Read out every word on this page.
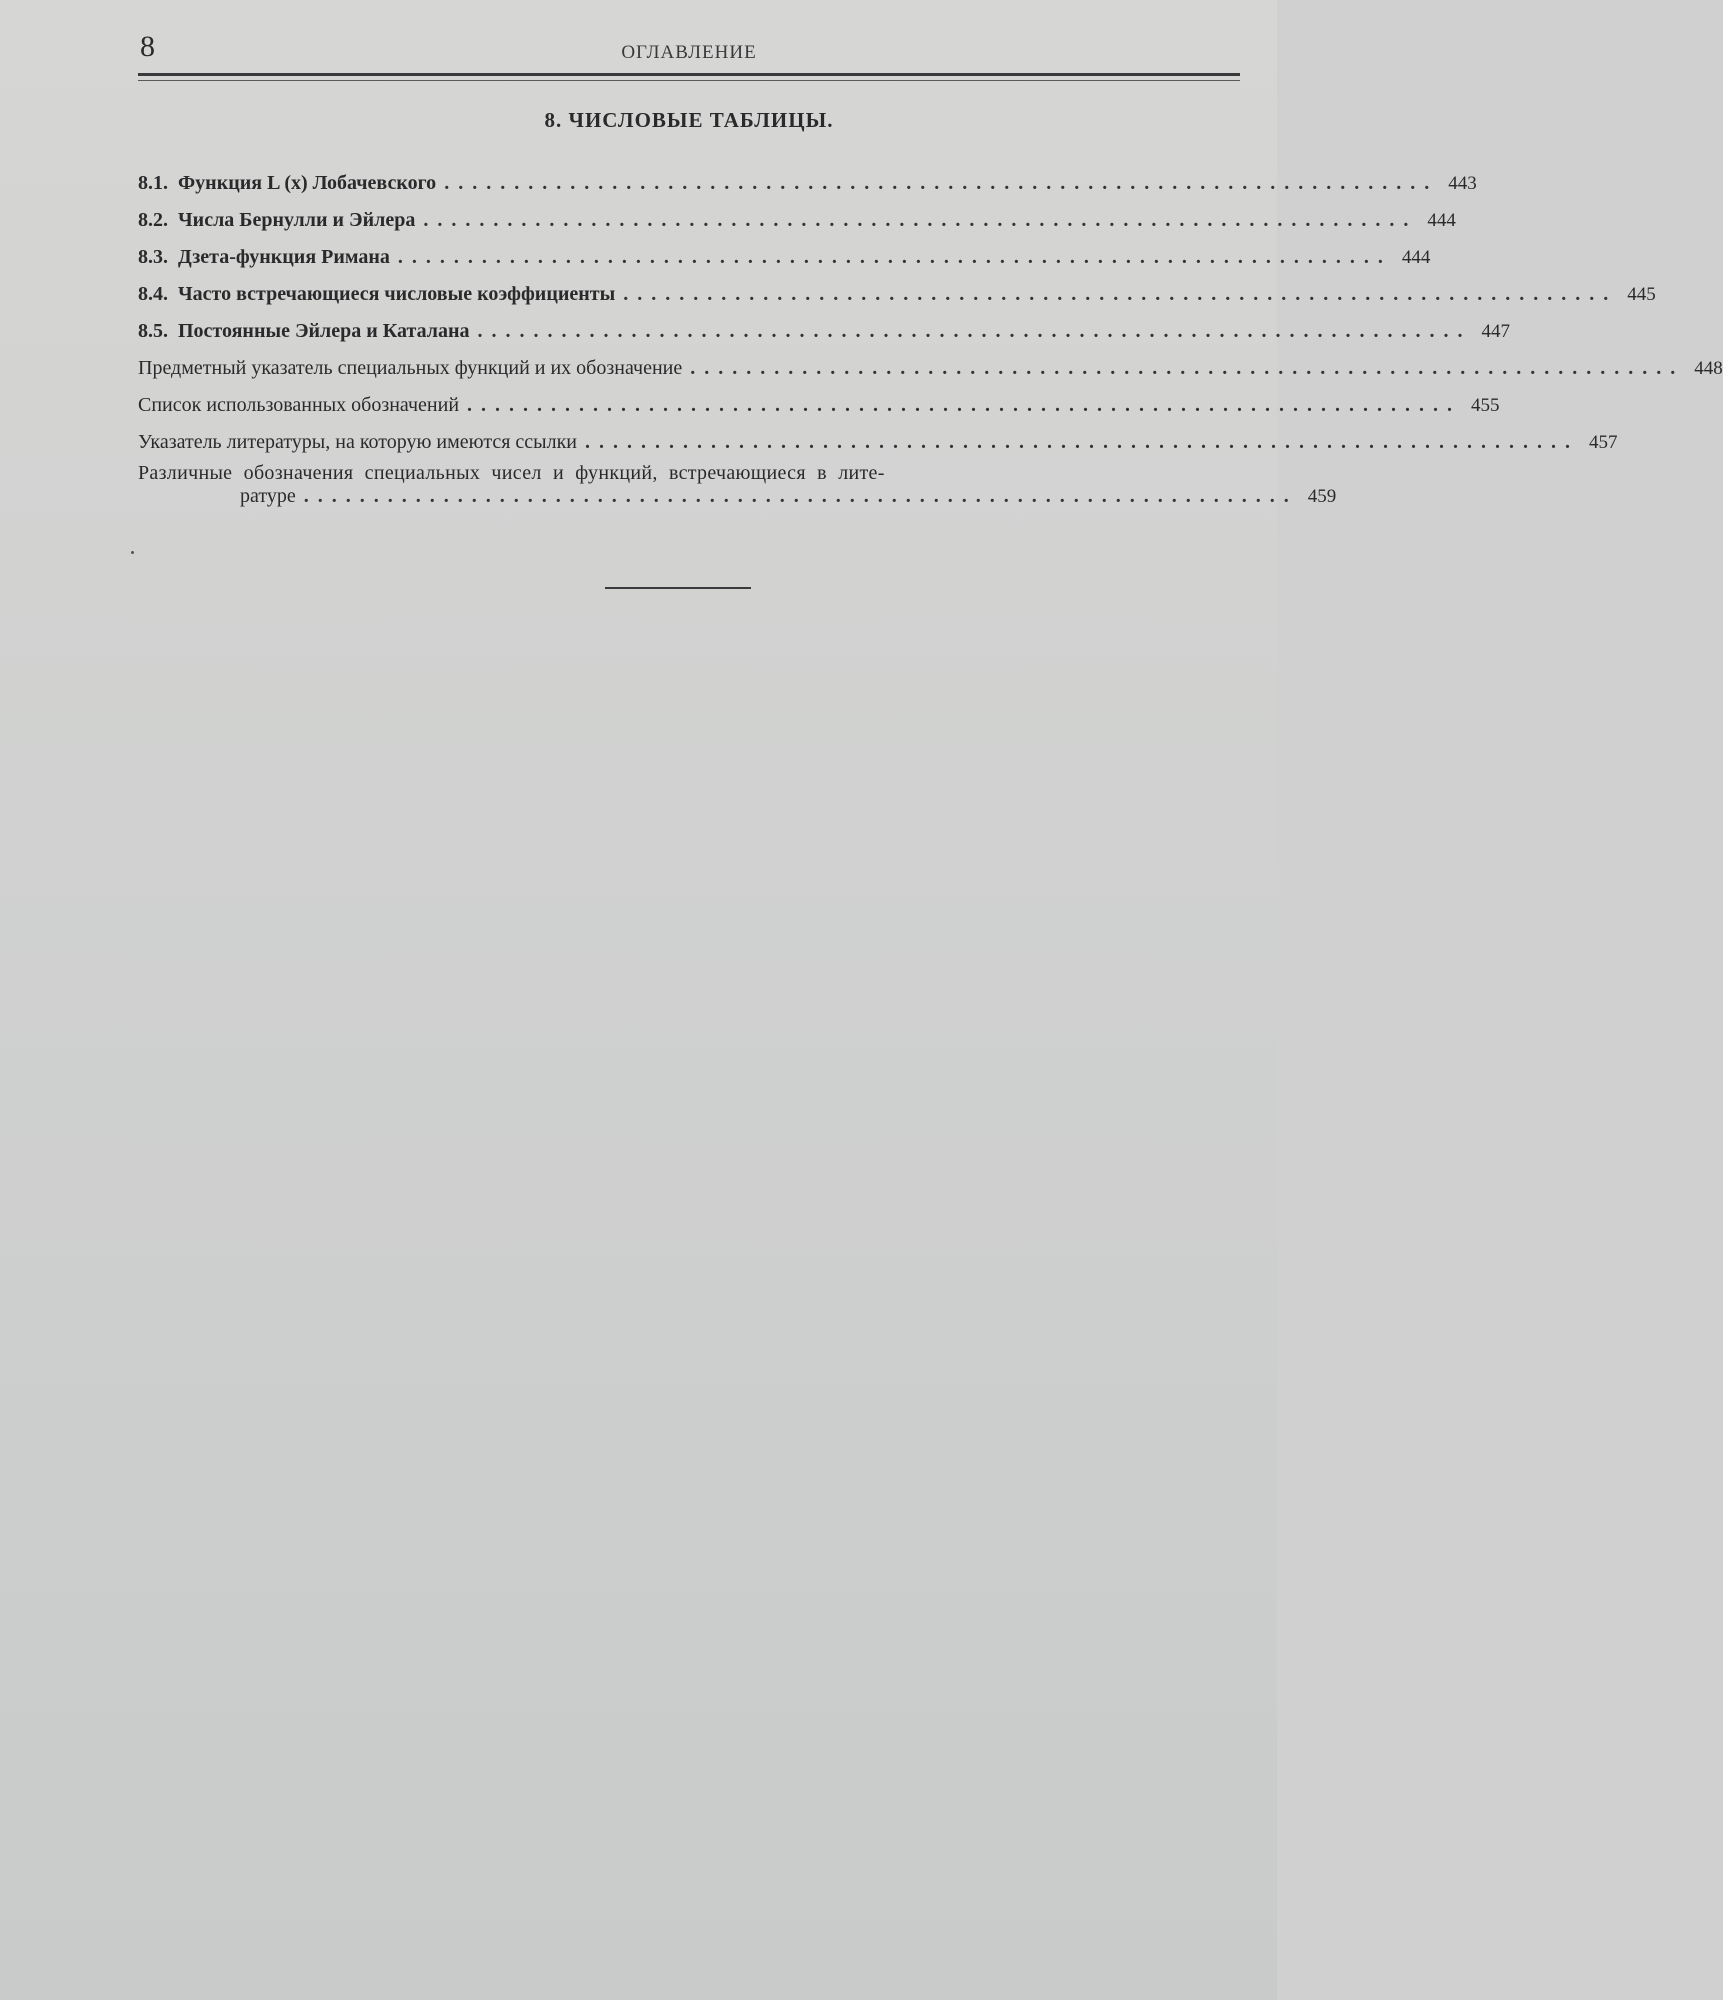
8	ОГЛАВЛЕНИЕ
8. ЧИСЛОВЫЕ ТАБЛИЦЫ.
8.1. Функция L (x) Лобачевского ....................................................................... 443
8.2. Числа Бернулли и Эйлера ....................................................................... 444
8.3. Дзета-функция Римана ....................................................................... 444
8.4. Часто встречающиеся числовые коэффициенты ....................................................................... 445
8.5. Постоянные Эйлера и Каталана ....................................................................... 447
Предметный указатель специальных функций и их обозначение ....................................................................... 448
Список использованных обозначений ....................................................................... 455
Указатель литературы, на которую имеются ссылки ....................................................................... 457
Различные обозначения специальных чисел и функций, встречающиеся в лите-
ратуре ....................................................................... 459
